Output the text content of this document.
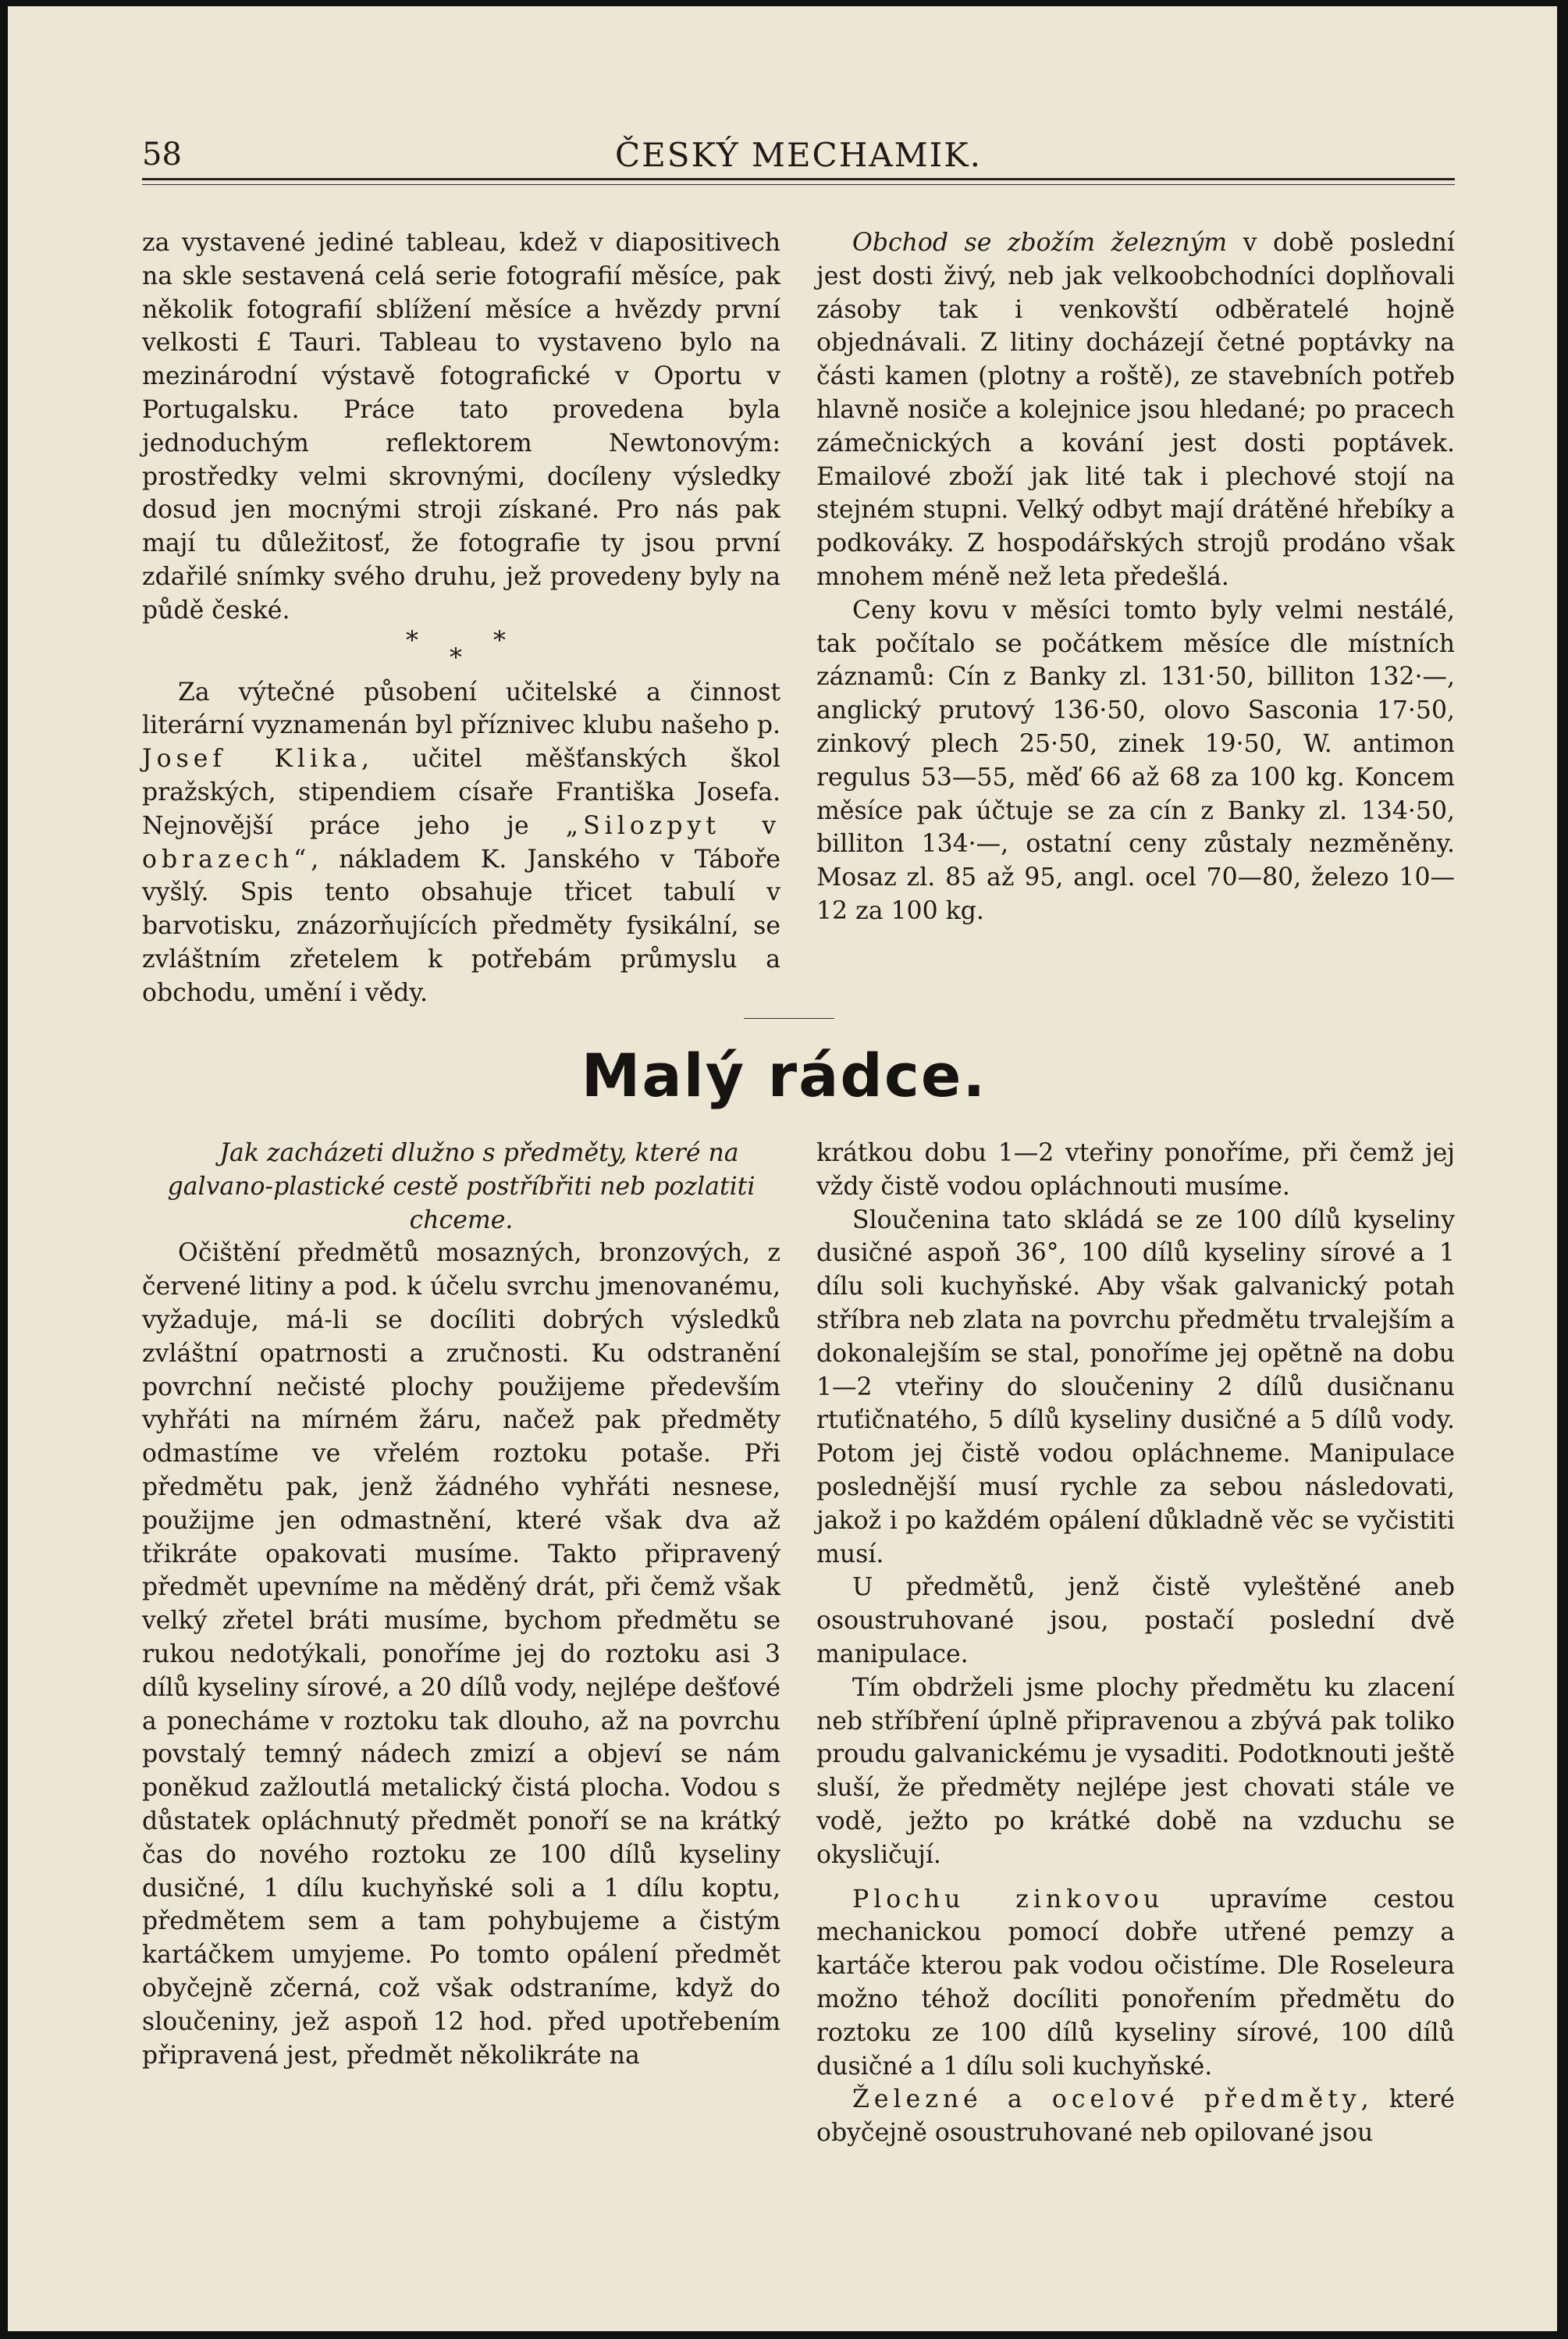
58	ČESKÝ MECHAMIK.

za vystavené jediné tableau, kdež v diapositivech na skle sestavená celá serie fotografií měsíce, pak několik fotografií sblížení měsíce a hvězdy první velkosti £ Tauri. Tableau to vystaveno bylo na mezinárodní výstavě fotografické v Oportu v Portugalsku. Práce tato provedena byla jednoduchým reflektorem Newtonovým: prostředky velmi skrovnými, docíleny výsledky dosud jen mocnými stroji získané. Pro nás pak mají tu důležitosť, že fotografie ty jsou první zdařilé snímky svého druhu, jež provedeny byly na půdě české.

*
*
*

Za výtečné působení učitelské a činnost literární vyznamenán byl příznivec klubu našeho p. Josef Klika, učitel měšťanských škol pražských, stipendiem císaře Františka Josefa. Nejnovější práce jeho je „Silozpyt v obrazech“, nákladem K. Janského v Táboře vyšlý. Spis tento obsahuje třicet tabulí v barvotisku, znázorňujících předměty fysikální, se zvláštním zřetelem k potřebám průmyslu a obchodu, umění i vědy.

Obchod se zbožím železným v době poslední jest dosti živý, neb jak velkoobchodníci doplňovali zásoby tak i venkovští odběratelé hojně objednávali. Z litiny docházejí četné poptávky na části kamen (plotny a roště), ze stavebních potřeb hlavně nosiče a kolejnice jsou hledané; po pracech zámečnických a kování jest dosti poptávek. Emailové zboží jak lité tak i plechové stojí na stejném stupni. Velký odbyt mají drátěné hřebíky a podkováky. Z hospodářských strojů prodáno však mnohem méně než leta předešlá.

Ceny kovu v měsíci tomto byly velmi nestálé, tak počítalo se počátkem měsíce dle místních záznamů: Cín z Banky zl. 131·50, billiton 132·—, anglický prutový 136·50, olovo Sasconia 17·50, zinkový plech 25·50, zinek 19·50, W. antimon regulus 53—55, měď 66 až 68 za 100 kg. Koncem měsíce pak účtuje se za cín z Banky zl. 134·50, billiton 134·—, ostatní ceny zůstaly nezměněny. Mosaz zl. 85 až 95, angl. ocel 70—80, železo 10—12 za 100 kg.

Malý rádce.

Jak zacházeti dlužno s předměty, které na galvano-plastické cestě postříbřiti neb pozlatiti chceme.

Očištění předmětů mosazných, bronzových, z červené litiny a pod. k účelu svrchu jmenovanému, vyžaduje, má-li se docíliti dobrých výsledků zvláštní opatrnosti a zručnosti. Ku odstranění povrchní nečisté plochy použijeme především vyhřáti na mírném žáru, načež pak předměty odmastíme ve vřelém roztoku potaše. Při předmětu pak, jenž žádného vyhřáti nesnese, použijme jen odmastnění, které však dva až třikráte opakovati musíme. Takto připravený předmět upevníme na měděný drát, při čemž však velký zřetel bráti musíme, bychom předmětu se rukou nedotýkali, ponoříme jej do roztoku asi 3 dílů kyseliny sírové, a 20 dílů vody, nejlépe dešťové a ponecháme v roztoku tak dlouho, až na povrchu povstalý temný nádech zmizí a objeví se nám poněkud zažloutlá metalický čistá plocha. Vodou s důstatek opláchnutý předmět ponoří se na krátký čas do nového roztoku ze 100 dílů kyseliny dusičné, 1 dílu kuchyňské soli a 1 dílu koptu, předmětem sem a tam pohybujeme a čistým kartáčkem umyjeme. Po tomto opálení předmět obyčejně zčerná, což však odstraníme, když do sloučeniny, jež aspoň 12 hod. před upotřebením připravená jest, předmět několikráte na

krátkou dobu 1—2 vteřiny ponoříme, při čemž jej vždy čistě vodou opláchnouti musíme.

Sloučenina tato skládá se ze 100 dílů kyseliny dusičné aspoň 36°, 100 dílů kyseliny sírové a 1 dílu soli kuchyňské. Aby však galvanický potah stříbra neb zlata na povrchu předmětu trvalejším a dokonalejším se stal, ponoříme jej opětně na dobu 1—2 vteřiny do sloučeniny 2 dílů dusičnanu rtuťičnatého, 5 dílů kyseliny dusičné a 5 dílů vody. Potom jej čistě vodou opláchneme. Manipulace poslednější musí rychle za sebou následovati, jakož i po každém opálení důkladně věc se vyčistiti musí.

U předmětů, jenž čistě vyleštěné aneb osoustruhované jsou, postačí poslední dvě manipulace.

Tím obdrželi jsme plochy předmětu ku zlacení neb stříbření úplně připravenou a zbývá pak toliko proudu galvanickému je vysaditi. Podotknouti ještě sluší, že předměty nejlépe jest chovati stále ve vodě, ježto po krátké době na vzduchu se okysličují.

Plochu zinkovou upravíme cestou mechanickou pomocí dobře utřené pemzy a kartáče kterou pak vodou očistíme. Dle Roseleura možno téhož docíliti ponořením předmětu do roztoku ze 100 dílů kyseliny sírové, 100 dílů dusičné a 1 dílu soli kuchyňské.

Železné a ocelové předměty, které obyčejně osoustruhované neb opilované jsou
